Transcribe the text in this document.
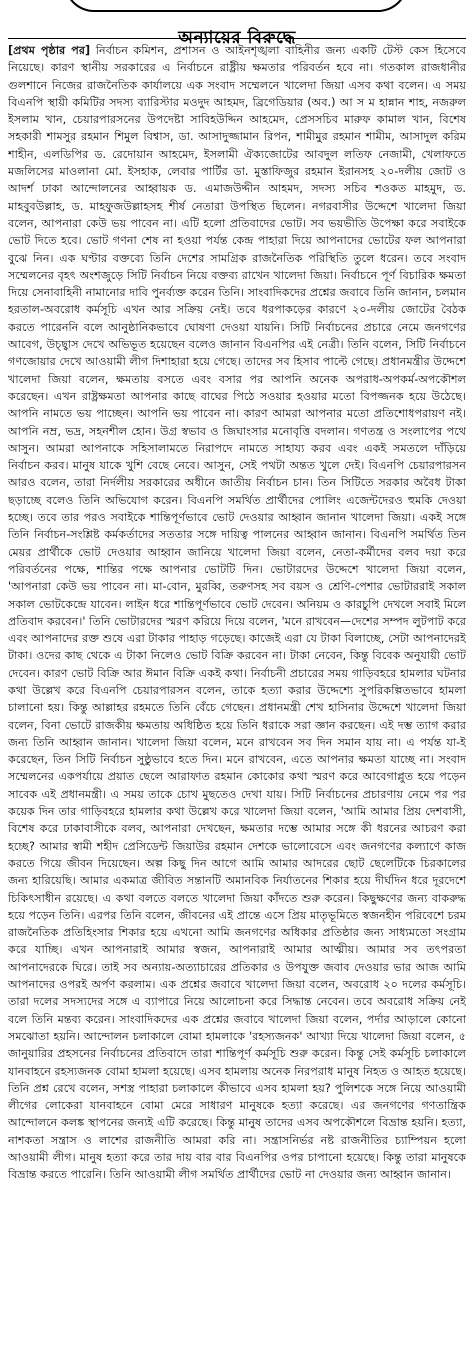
অন্যায়ের বিরুদ্ধে

[প্রথম পৃষ্ঠার পর] নির্বাচন কমিশন, প্রশাসন ও আইনশৃঙ্খলা বাহিনীর জন্য একটি টেস্ট কেস হিসেবে নিয়েছে। কারণ স্থানীয় সরকারের এ নির্বাচনে রাষ্ট্রীয় ক্ষমতার পরিবর্তন হবে না। গতকাল রাজধানীর গুলশানে নিজের রাজনৈতিক কার্যালয়ে এক সংবাদ সম্মেলনে খালেদা জিয়া এসব কথা বলেন। এ সময় বিএনপি স্থায়ী কমিটির সদস্য ব্যারিস্টার মওদুদ আহমদ, ব্রিগেডিয়ার (অব.) আ স ম হান্নান শাহ, নজরুল ইসলাম খান, চেয়ারপারসনের উপদেষ্টা সাবিহউদ্দিন আহমেদ, প্রেসসচিব মারুফ কামাল খান, বিশেষ সহকারী শামসুর রহমান শিমুল বিশ্বাস, ডা. আসাদুজ্জামান রিপন, শামীমুর রহমান শামীম, আসাদুল করিম শাহীন, এলডিপির ড. রেদোয়ান আহমেদ, ইসলামী ঐক্যজোটের আবদুল লতিফ নেজামী, খেলাফতে মজলিসের মাওলানা মো. ইসহাক, লেবার পার্টির ডা. মুস্তাফিজুর রহমান ইরানসহ ২০-দলীয় জোট ও আদর্শ ঢাকা আন্দোলনের আহ্বায়ক ড. এমাজউদ্দীন আহমদ, সদস্য সচিব শওকত মাহমুদ, ড. মাহবুবউল্লাহ, ড. মাহফুজউল্লাহসহ শীর্ষ নেতারা উপস্থিত ছিলেন। নগরবাসীর উদ্দেশে খালেদা জিয়া বলেন, আপনারা কেউ ভয় পাবেন না। এটি হলো প্রতিবাদের ভোট। সব ভয়ভীতি উপেক্ষা করে সবাইকে ভোট দিতে হবে। ভোট গণনা শেষ না হওয়া পর্যন্ত কেন্দ্র পাহারা দিয়ে আপনাদের ভোটের ফল আপনারা বুঝে নিন। এক ঘণ্টার বক্তব্যে তিনি দেশের সামগ্রিক রাজনৈতিক পরিস্থিতি তুলে ধরেন। তবে সংবাদ সম্মেলনের বৃহৎ অংশজুড়ে সিটি নির্বাচন নিয়ে বক্তব্য রাখেন খালেদা জিয়া। নির্বাচনে পূর্ণ বিচারিক ক্ষমতা দিয়ে সেনাবাহিনী নামানোর দাবি পুনর্ব্যক্ত করেন তিনি। সাংবাদিকদের প্রশ্নের জবাবে তিনি জানান, চলমান হরতাল-অবরোধ কর্মসূচি এখন আর সক্রিয় নেই। তবে ধরপাকড়ের কারণে ২০-দলীয় জোটের বৈঠক করতে পারেননি বলে আনুষ্ঠানিকভাবে ঘোষণা দেওয়া যায়নি। সিটি নির্বাচনের প্রচারে নেমে জনগণের আবেগ, উচ্ছ্বাস দেখে অভিভূত হয়েছেন বলেও জানান বিএনপির এই নেত্রী। তিনি বলেন, সিটি নির্বাচনে গণজোয়ার দেখে আওয়ামী লীগ দিশাহারা হয়ে গেছে। তাদের সব হিসাব পাল্টে গেছে। প্রধানমন্ত্রীর উদ্দেশে খালেদা জিয়া বলেন, ক্ষমতায় বসতে এবং বসার পর আপনি অনেক অপরাধ-অপকর্ম-অপকৌশল করেছেন। এখন রাষ্ট্রক্ষমতা আপনার কাছে বাঘের পিঠে সওয়ার হওয়ার মতো বিপজ্জনক হয়ে উঠেছে। আপনি নামতে ভয় পাচ্ছেন। আপনি ভয় পাবেন না। কারণ আমরা আপনার মতো প্রতিশোধপরায়ণ নই। আপনি নম্র, ভদ্র, সহনশীল হোন। উগ্র স্বভাব ও জিঘাংসার মনোবৃত্তি বদলান। গণতন্ত্র ও সংলাপের পথে আসুন। আমরা আপনাকে সহিসালামতে নিরাপদে নামতে সাহায্য করব এবং একই সমতলে দাঁড়িয়ে নির্বাচন করব। মানুষ যাকে খুশি বেছে নেবে। আসুন, সেই পথটা অন্তত খুলে দেই। বিএনপি চেয়ারপারসন আরও বলেন, তারা নির্দলীয় সরকারের অধীনে জাতীয় নির্বাচন চান। তিন সিটিতে সরকার অবৈধ টাকা ছড়াচ্ছে বলেও তিনি অভিযোগ করেন। বিএনপি সমর্থিত প্রার্থীদের পোলিং এজেন্টদেরও হুমকি দেওয়া হচ্ছে। তবে তার পরও সবাইকে শান্তিপূর্ণভাবে ভোট দেওয়ার আহ্বান জানান খালেদা জিয়া। একই সঙ্গে তিনি নির্বাচন-সংশ্লিষ্ট কর্মকর্তাদের সততার সঙ্গে দায়িত্ব পালনের আহ্বান জানান। বিএনপি সমর্থিত তিন মেয়র প্রার্থীকে ভোট দেওয়ার আহ্বান জানিয়ে খালেদা জিয়া বলেন, নেতা-কর্মীদের বলব দয়া করে পরিবর্তনের পক্ষে, শান্তির পক্ষে আপনার ভোটটি দিন। ভোটারদের উদ্দেশে খালেদা জিয়া বলেন, 'আপনারা কেউ ভয় পাবেন না। মা-বোন, মুরব্বি, তরুণসহ সব বয়স ও শ্রেণি-পেশার ভোটাররাই সকাল সকাল ভোটকেন্দ্রে যাবেন। লাইন ধরে শান্তিপূর্ণভাবে ভোট দেবেন। অনিয়ম ও কারচুপি দেখলে সবাই মিলে প্রতিবাদ করবেন।' তিনি ভোটারদের স্মরণ করিয়ে দিয়ে বলেন, 'মনে রাখবেন—দেশের সম্পদ লুটপাট করে এবং আপনাদের রক্ত শুষে এরা টাকার পাহাড় গড়েছে। কাজেই এরা যে টাকা বিলাচ্ছে, সেটা আপনাদেরই টাকা। ওদের কাছ থেকে এ টাকা নিলেও ভোট বিক্রি করবেন না। টাকা নেবেন, কিন্তু বিবেক অনুযায়ী ভোট দেবেন। কারণ ভোট বিক্রি আর ঈমান বিক্রি একই কথা। নির্বাচনী প্রচারের সময় গাড়িবহরে হামলার ঘটনার কথা উল্লেখ করে বিএনপি চেয়ারপারসন বলেন, তাকে হত্যা করার উদ্দেশ্যে সুপরিকল্পিতভাবে হামলা চালানো হয়। কিন্তু আল্লাহর রহমতে তিনি বেঁচে গেছেন। প্রধানমন্ত্রী শেখ হাসিনার উদ্দেশে খালেদা জিয়া বলেন, বিনা ভোটে রাজকীয় ক্ষমতায় অধিষ্ঠিত হয়ে তিনি ধরাকে সরা জ্ঞান করছেন। এই দম্ভ ত্যাগ করার জন্য তিনি আহ্বান জানান। খালেদা জিয়া বলেন, মনে রাখবেন সব দিন সমান যায় না। এ পর্যন্ত যা-ই করেছেন, তিন সিটি নির্বাচন সুষ্ঠুভাবে হতে দিন। মনে রাখবেন, এতে আপনার ক্ষমতা যাচ্ছে না। সংবাদ সম্মেলনের একপর্যায়ে প্রয়াত ছেলে আরাফাত রহমান কোকোর কথা স্মরণ করে আবেগাপ্লুত হয়ে পড়েন সাবেক এই প্রধানমন্ত্রী। এ সময় তাকে চোখ মুছতেও দেখা যায়। সিটি নির্বাচনের প্রচারণায় নেমে পর পর কয়েক দিন তার গাড়িবহরে হামলার কথা উল্লেখ করে খালেদা জিয়া বলেন, 'আমি আমার প্রিয় দেশবাসী, বিশেষ করে ঢাকাবাসীকে বলব, আপনারা দেখছেন, ক্ষমতার দম্ভে আমার সঙ্গে কী ধরনের আচরণ করা হচ্ছে? আমার স্বামী শহীদ প্রেসিডেন্ট জিয়াউর রহমান দেশকে ভালোবেসে এবং জনগণের কল্যাণে কাজ করতে গিয়ে জীবন দিয়েছেন। অল্প কিছু দিন আগে আমি আমার আদরের ছোট ছেলেটিকে চিরকালের জন্য হারিয়েছি। আমার একমাত্র জীবিত সন্তানটি অমানবিক নির্যাতনের শিকার হয়ে দীর্ঘদিন ধরে দূরদেশে চিকিৎসাধীন রয়েছে। এ কথা বলতে বলতে খালেদা জিয়া কাঁদতে শুরু করেন। কিছুক্ষণের জন্য বাকরুদ্ধ হয়ে পড়েন তিনি। এরপর তিনি বলেন, জীবনের এই প্রান্তে এসে প্রিয় মাতৃভূমিতে স্বজনহীন পরিবেশে চরম রাজনৈতিক প্রতিহিংসার শিকার হয়ে এখনো আমি জনগণের অধিকার প্রতিষ্ঠার জন্য সাধ্যমতো সংগ্রাম করে যাচ্ছি। এখন আপনারাই আমার স্বজন, আপনারাই আমার আত্মীয়। আমার সব তৎপরতা আপনাদেরকে ঘিরে। তাই সব অন্যায়-অত্যাচারের প্রতিকার ও উপযুক্ত জবাব দেওয়ার ভার আজ আমি আপনাদের ওপরই অর্পণ করলাম। এক প্রশ্নের জবাবে খালেদা জিয়া বলেন, অবরোধ ২০ দলের কর্মসূচি। তারা দলের সদস্যদের সঙ্গে এ ব্যাপারে নিয়ে আলোচনা করে সিদ্ধান্ত নেবেন। তবে অবরোধ সক্রিয় নেই বলে তিনি মন্তব্য করেন। সাংবাদিকদের এক প্রশ্নের জবাবে খালেদা জিয়া বলেন, পর্দার আড়ালে কোনো সমঝোতা হয়নি। আন্দোলন চলাকালে বোমা হামলাকে 'রহস্যজনক' আখ্যা দিয়ে খালেদা জিয়া বলেন, ৫ জানুয়ারির প্রহসনের নির্বাচনের প্রতিবাদে তারা শান্তিপূর্ণ কর্মসূচি শুরু করেন। কিন্তু সেই কর্মসূচি চলাকালে যানবাহনে রহস্যজনক বোমা হামলা হয়েছে। এসব হামলায় অনেক নিরপরাধ মানুষ নিহত ও আহত হয়েছে। তিনি প্রশ্ন রেখে বলেন, সশস্ত্র পাহারা চলাকালে কীভাবে এসব হামলা হয়? পুলিশকে সঙ্গে নিয়ে আওয়ামী লীগের লোকেরা যানবাহনে বোমা মেরে সাধারণ মানুষকে হত্যা করেছে। এর জনগণের গণতান্ত্রিক আন্দোলনে কলঙ্ক স্থাপনের জন্যই এটি করেছে। কিন্তু মানুষ তাদের এসব অপকৌশলে বিভ্রান্ত হয়নি। হত্যা, নাশকতা সন্ত্রাস ও লাশের রাজনীতি আমরা করি না। সন্ত্রাসনির্ভর নষ্ট রাজনীতির চ্যাম্পিয়ন হলো আওয়ামী লীগ। মানুষ হত্যা করে তার দায় বার বার বিএনপির ওপর চাপানো হয়েছে। কিন্তু তারা মানুষকে বিভ্রান্ত করতে পারেনি। তিনি আওয়ামী লীগ সমর্থিত প্রার্থীদের ভোট না দেওয়ার জন্য আহ্বান জানান।
